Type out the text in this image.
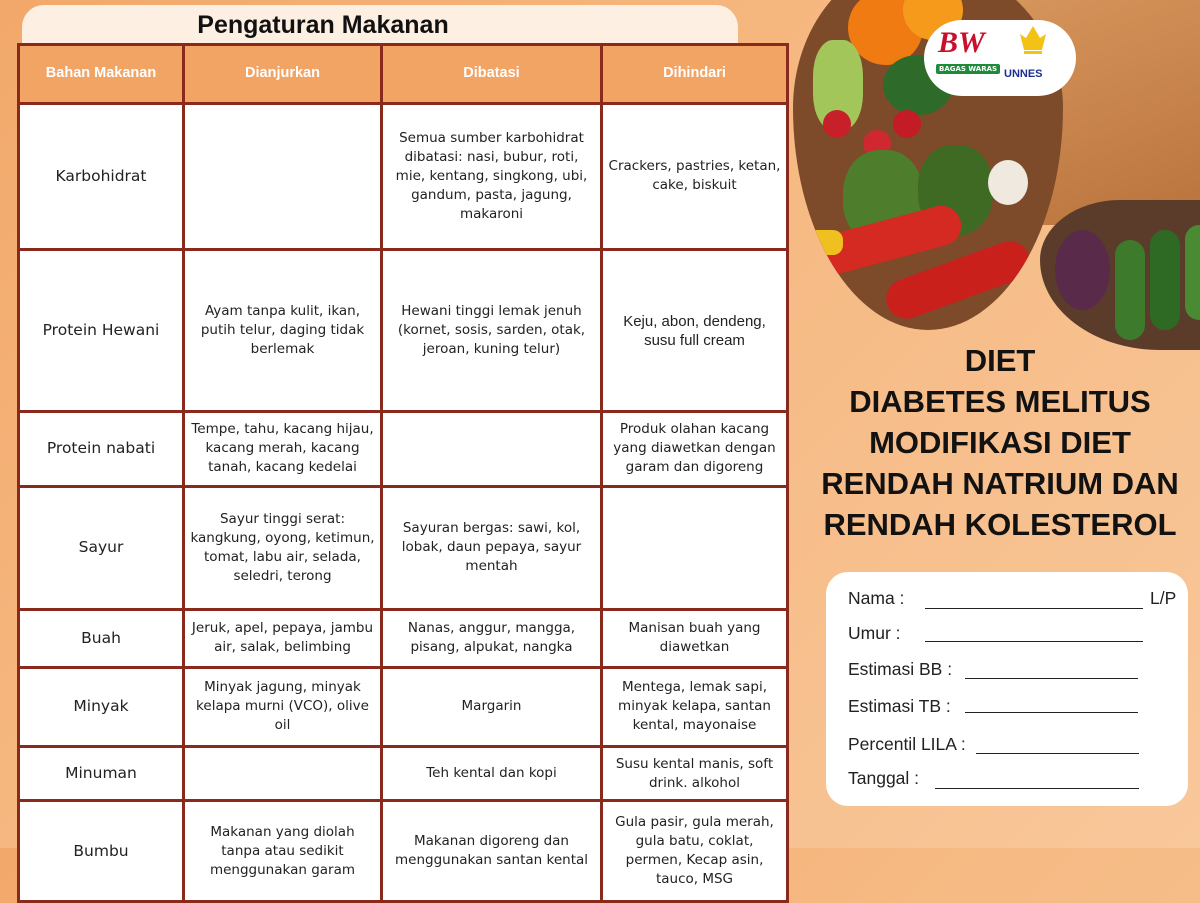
Pengaturan Makanan
Bahan Makanan	Dianjurkan	Dibatasi	Dihindari
Karbohidrat		Semua sumber karbohidrat dibatasi: nasi, bubur, roti, mie, kentang, singkong, ubi, gandum, pasta, jagung, makaroni	Crackers, pastries, ketan, cake, biskuit
Protein Hewani	Ayam tanpa kulit, ikan, putih telur, daging tidak berlemak	Hewani tinggi lemak jenuh (kornet, sosis, sarden, otak, jeroan, kuning telur)	Keju, abon, dendeng, susu full cream
Protein nabati	Tempe, tahu, kacang hijau, kacang merah, kacang tanah, kacang kedelai		Produk olahan kacang yang diawetkan dengan garam dan digoreng
Sayur	Sayur tinggi serat: kangkung, oyong, ketimun, tomat, labu air, selada, seledri, terong	Sayuran bergas: sawi, kol, lobak, daun pepaya, sayur mentah	
Buah	Jeruk, apel, pepaya, jambu air, salak, belimbing	Nanas, anggur, mangga, pisang, alpukat, nangka	Manisan buah yang diawetkan
Minyak	Minyak jagung, minyak kelapa murni (VCO), olive oil	Margarin	Mentega, lemak sapi, minyak kelapa, santan kental, mayonaise
Minuman		Teh kental dan kopi	Susu kental manis, soft drink. alkohol
Bumbu	Makanan yang diolah tanpa atau sedikit menggunakan garam	Makanan digoreng dan menggunakan santan kental	Gula pasir, gula merah, gula batu, coklat, permen, Kecap asin, tauco, MSG
BW
BAGAS WARAS UNNES
DIET
DIABETES MELITUS
MODIFIKASI DIET
RENDAH NATRIUM DAN
RENDAH KOLESTEROL
Nama :	L/P
Umur :
Estimasi BB :
Estimasi TB :
Percentil LILA :
Tanggal :
